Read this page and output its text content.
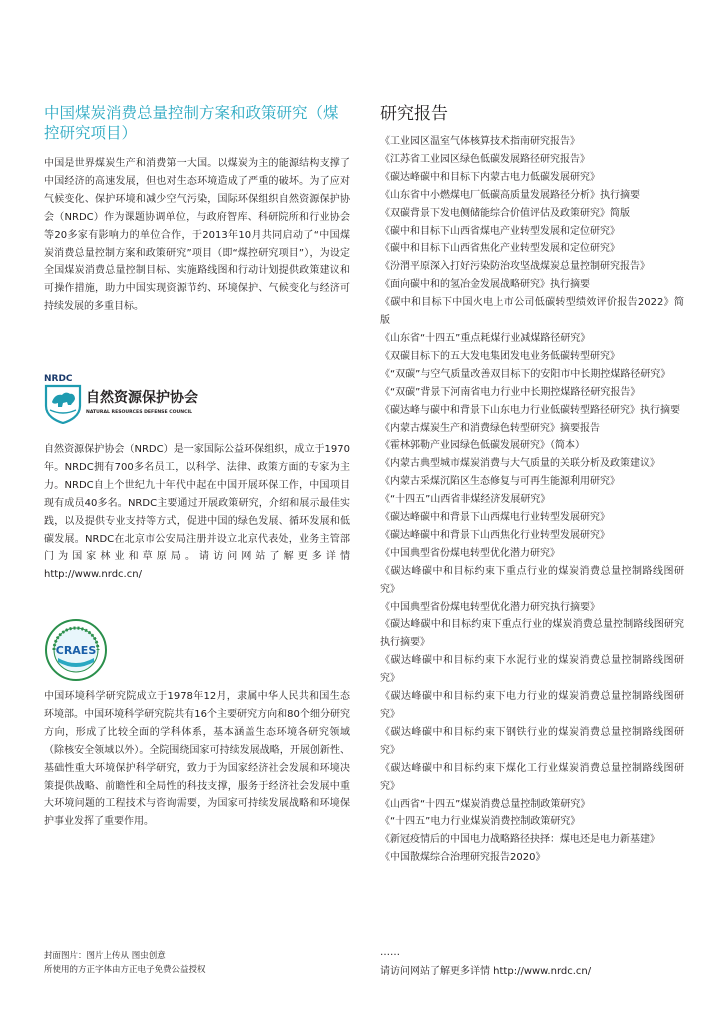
中国煤炭消费总量控制方案和政策研究（煤控研究项目）

中国是世界煤炭生产和消费第一大国。以煤炭为主的能源结构支撑了中国经济的高速发展，但也对生态环境造成了严重的破坏。为了应对气候变化、保护环境和减少空气污染，国际环保组织自然资源保护协会（NRDC）作为课题协调单位，与政府智库、科研院所和行业协会等20多家有影响力的单位合作，于2013年10月共同启动了“中国煤炭消费总量控制方案和政策研究”项目（即“煤控研究项目”），为设定全国煤炭消费总量控制目标、实施路线图和行动计划提供政策建议和可操作措施，助力中国实现资源节约、环境保护、气候变化与经济可持续发展的多重目标。

NRDC
自然资源保护协会
NATURAL RESOURCES DEFENSE COUNCIL

自然资源保护协会（NRDC）是一家国际公益环保组织，成立于1970年。NRDC拥有700多名员工，以科学、法律、政策方面的专家为主力。NRDC自上个世纪九十年代中起在中国开展环保工作，中国项目现有成员40多名。NRDC主要通过开展政策研究，介绍和展示最佳实践，以及提供专业支持等方式，促进中国的绿色发展、循环发展和低碳发展。NRDC在北京市公安局注册并设立北京代表处，业务主管部门为国家林业和草原局。请访问网站了解更多详情 http://www.nrdc.cn/

CRAES

中国环境科学研究院成立于1978年12月，隶属中华人民共和国生态环境部。中国环境科学研究院共有16个主要研究方向和80个细分研究方向，形成了比较全面的学科体系，基本涵盖生态环境各研究领域（除核安全领域以外）。全院围绕国家可持续发展战略，开展创新性、基础性重大环境保护科学研究，致力于为国家经济社会发展和环境决策提供战略、前瞻性和全局性的科技支撑，服务于经济社会发展中重大环境问题的工程技术与咨询需要，为国家可持续发展战略和环境保护事业发挥了重要作用。

封面图片：图片上传从 图虫创意
所使用的方正字体由方正电子免费公益授权
研究报告
《工业园区温室气体核算技术指南研究报告》
《江苏省工业园区绿色低碳发展路径研究报告》
《碳达峰碳中和目标下内蒙古电力低碳发展研究》
《山东省中小燃煤电厂低碳高质量发展路径分析》执行摘要
《双碳背景下发电侧储能综合价值评估及政策研究》简版
《碳中和目标下山西省煤电产业转型发展和定位研究》
《碳中和目标下山西省焦化产业转型发展和定位研究》
《汾渭平原深入打好污染防治攻坚战煤炭总量控制研究报告》
《面向碳中和的氢冶金发展战略研究》执行摘要
《碳中和目标下中国火电上市公司低碳转型绩效评价报告2022》简版
《山东省“十四五”重点耗煤行业减煤路径研究》
《双碳目标下的五大发电集团发电业务低碳转型研究》
《“双碳”与空气质量改善双目标下的安阳市中长期控煤路径研究》
《“双碳”背景下河南省电力行业中长期控煤路径研究报告》
《碳达峰与碳中和背景下山东电力行业低碳转型路径研究》执行摘要
《内蒙古煤炭生产和消费绿色转型研究》摘要报告
《霍林郭勒产业园绿色低碳发展研究》（简本）
《内蒙古典型城市煤炭消费与大气质量的关联分析及政策建议》
《内蒙古采煤沉陷区生态修复与可再生能源利用研究》
《“十四五”山西省非煤经济发展研究》
《碳达峰碳中和背景下山西煤电行业转型发展研究》
《碳达峰碳中和背景下山西焦化行业转型发展研究》
《中国典型省份煤电转型优化潜力研究》
《碳达峰碳中和目标约束下重点行业的煤炭消费总量控制路线图研究》
《中国典型省份煤电转型优化潜力研究执行摘要》
《碳达峰碳中和目标约束下重点行业的煤炭消费总量控制路线图研究执行摘要》
《碳达峰碳中和目标约束下水泥行业的煤炭消费总量控制路线图研究》
《碳达峰碳中和目标约束下电力行业的煤炭消费总量控制路线图研究》
《碳达峰碳中和目标约束下钢铁行业的煤炭消费总量控制路线图研究》
《碳达峰碳中和目标约束下煤化工行业煤炭消费总量控制路线图研究》
《山西省“十四五”煤炭消费总量控制政策研究》
《“十四五”电力行业煤炭消费控制政策研究》
《新冠疫情后的中国电力战略路径抉择：煤电还是电力新基建》
《中国散煤综合治理研究报告2020》
……
请访问网站了解更多详情 http://www.nrdc.cn/
